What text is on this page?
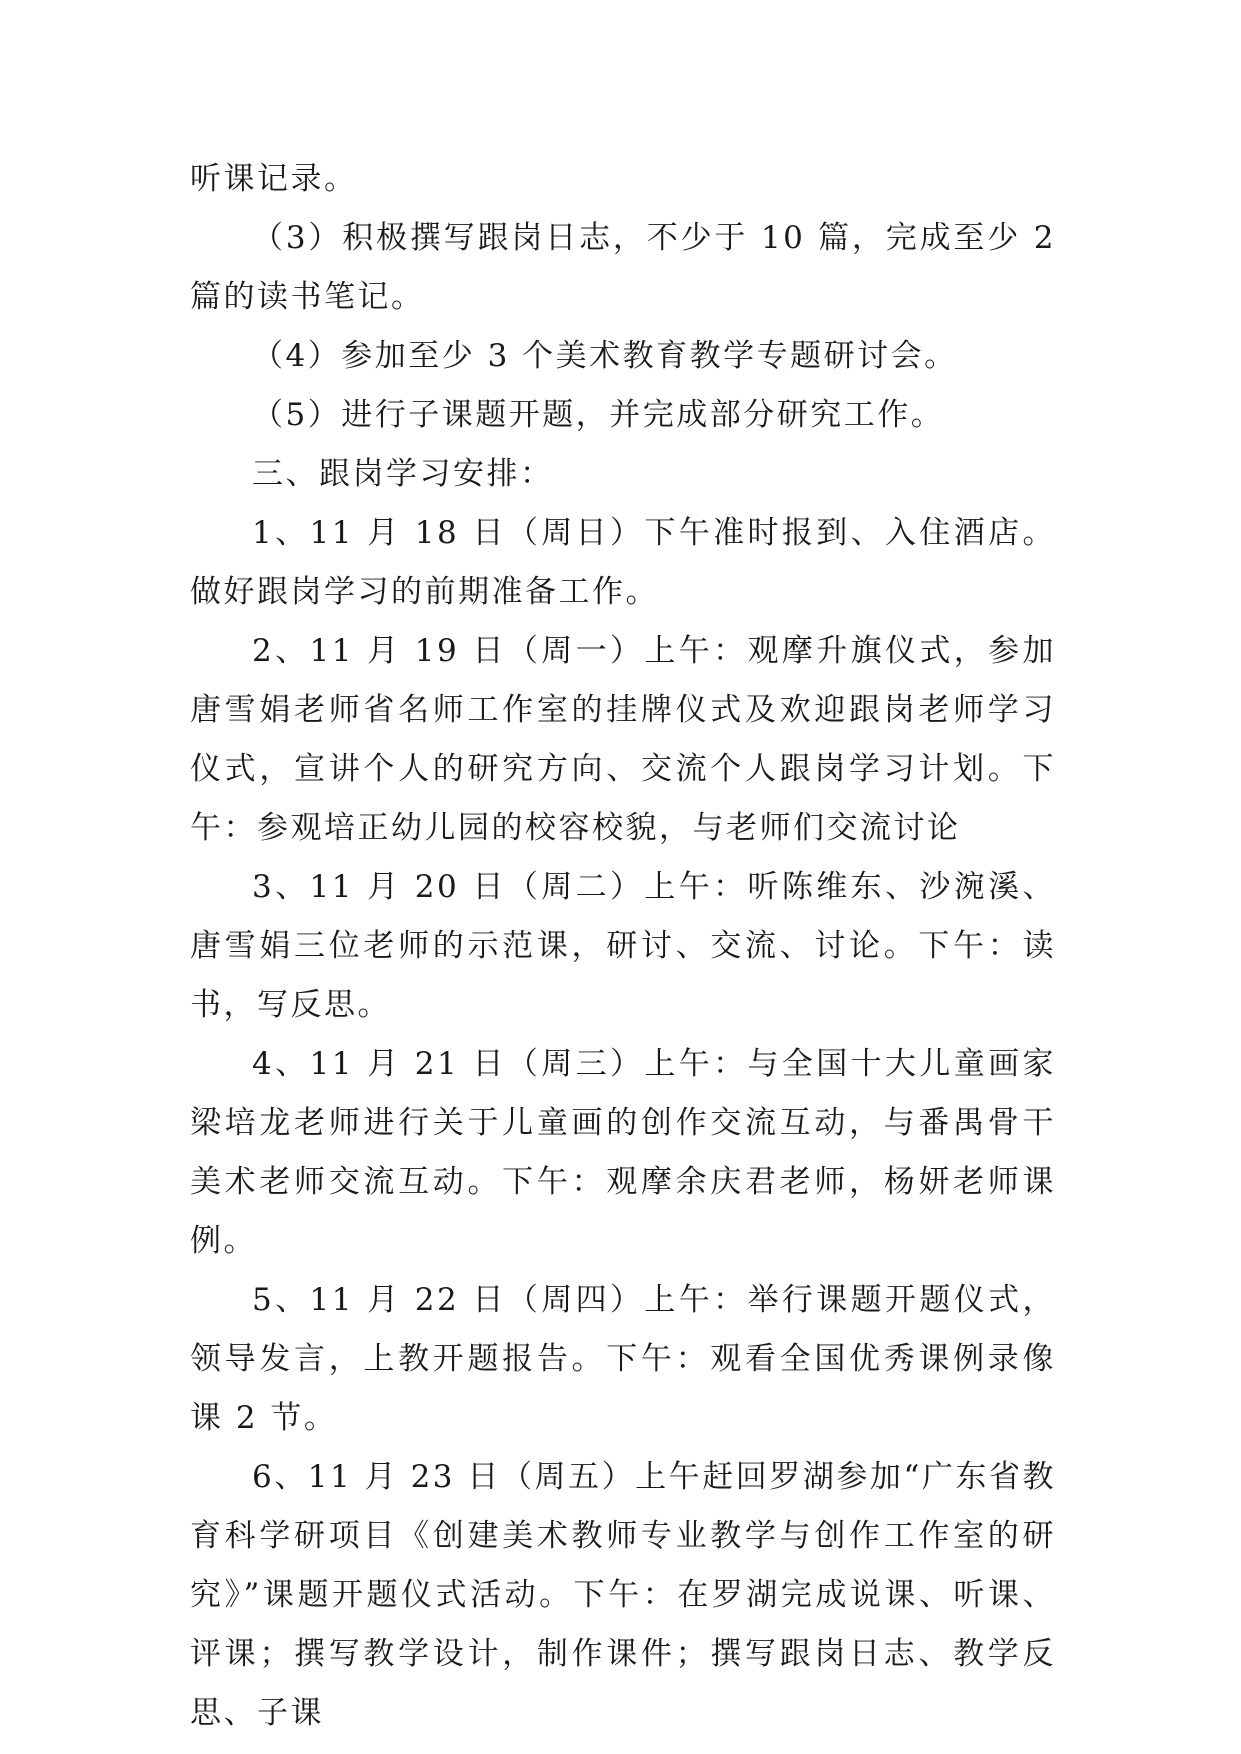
听课记录。

（3）积极撰写跟岗日志，不少于 10 篇，完成至少 2 篇的读书笔记。

（4）参加至少 3 个美术教育教学专题研讨会。

（5）进行子课题开题，并完成部分研究工作。

三、跟岗学习安排：

1、11 月 18 日（周日）下午准时报到、入住酒店。做好跟岗学习的前期准备工作。

2、11 月 19 日（周一）上午：观摩升旗仪式，参加唐雪娟老师省名师工作室的挂牌仪式及欢迎跟岗老师学习仪式，宣讲个人的研究方向、交流个人跟岗学习计划。下午：参观培正幼儿园的校容校貌，与老师们交流讨论

3、11 月 20 日（周二）上午：听陈维东、沙涴溪、唐雪娟三位老师的示范课，研讨、交流、讨论。下午：读书，写反思。

4、11 月 21 日（周三）上午：与全国十大儿童画家梁培龙老师进行关于儿童画的创作交流互动，与番禺骨干美术老师交流互动。下午：观摩余庆君老师，杨妍老师课例。

5、11 月 22 日（周四）上午：举行课题开题仪式，领导发言，上教开题报告。下午：观看全国优秀课例录像课 2 节。

6、11 月 23 日（周五）上午赶回罗湖参加“广东省教育科学研项目《创建美术教师专业教学与创作工作室的研究》”课题开题仪式活动。下午：在罗湖完成说课、听课、评课；撰写教学设计，制作课件；撰写跟岗日志、教学反思、子课
